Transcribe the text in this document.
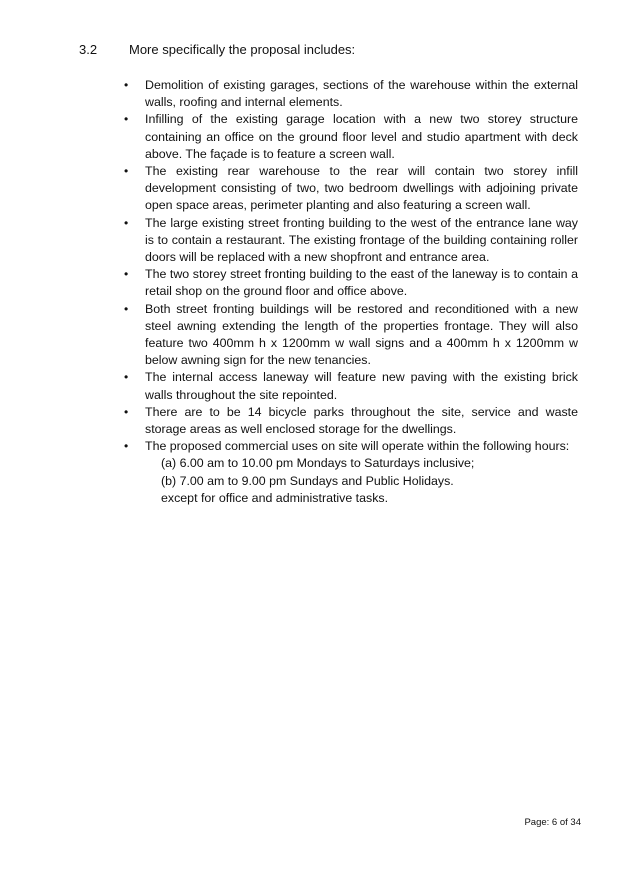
3.2 More specifically the proposal includes:
• Demolition of existing garages, sections of the warehouse within the external walls, roofing and internal elements.
• Infilling of the existing garage location with a new two storey structure containing an office on the ground floor level and studio apartment with deck above. The façade is to feature a screen wall.
• The existing rear warehouse to the rear will contain two storey infill development consisting of two, two bedroom dwellings with adjoining private open space areas, perimeter planting and also featuring a screen wall.
• The large existing street fronting building to the west of the entrance lane way is to contain a restaurant. The existing frontage of the building containing roller doors will be replaced with a new shopfront and entrance area.
• The two storey street fronting building to the east of the laneway is to contain a retail shop on the ground floor and office above.
• Both street fronting buildings will be restored and reconditioned with a new steel awning extending the length of the properties frontage. They will also feature two 400mm h x 1200mm w wall signs and a 400mm h x 1200mm w below awning sign for the new tenancies.
• The internal access laneway will feature new paving with the existing brick walls throughout the site repointed.
• There are to be 14 bicycle parks throughout the site, service and waste storage areas as well enclosed storage for the dwellings.
• The proposed commercial uses on site will operate within the following hours:
(a) 6.00 am to 10.00 pm Mondays to Saturdays inclusive;
(b) 7.00 am to 9.00 pm Sundays and Public Holidays.
except for office and administrative tasks.
Page: 6 of 34
